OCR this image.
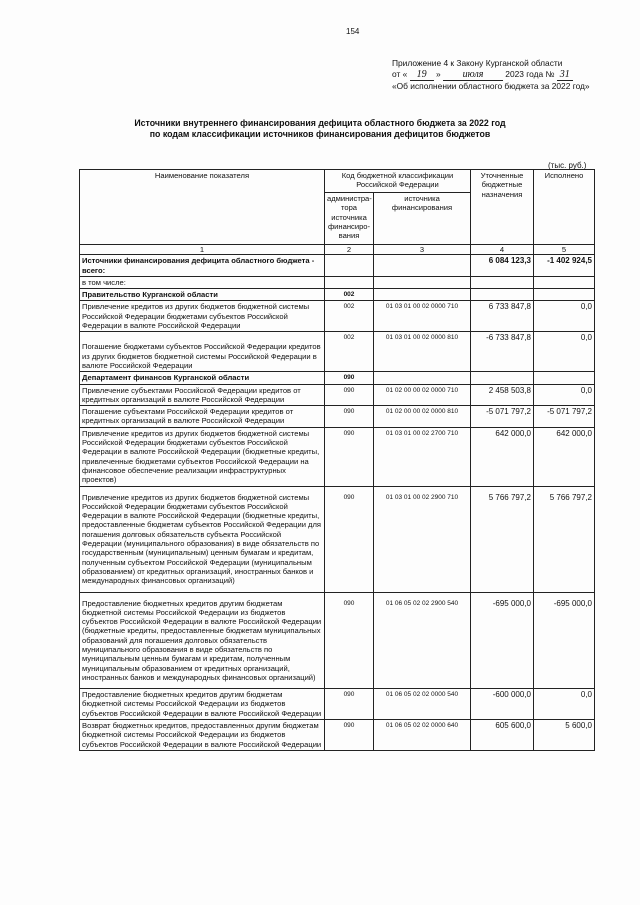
154
Приложение 4 к Закону Курганской области
от « 19 » июля	2023 года № 31
«Об исполнении областного бюджета за 2022 год»
Источники внутреннего финансирования дефицита областного бюджета за 2022 год
по кодам классификации источников финансирования дефицитов бюджетов
(тыс. руб.)
Наименование показателя	Код бюджетной классификации Российской Федерации		Уточненные бюджетные назначения	Исполнено
	администра-тора источника финансиро-вания	источника финансирования		
1	2	3	4	5
Источники финансирования дефицита областного бюджета - всего:			6 084 123,3	-1 402 924,5
в том числе:				
Правительство Курганской области	002			
Привлечение кредитов из других бюджетов бюджетной системы Российской Федерации бюджетами субъектов Российской Федерации в валюте Российской Федерации	002	01 03 01 00 02 0000 710	6 733 847,8	0,0
Погашение бюджетами субъектов Российской Федерации кредитов из других бюджетов бюджетной системы Российской Федерации в валюте Российской Федерации	002	01 03 01 00 02 0000 810	-6 733 847,8	0,0
Департамент финансов Курганской области	090			
Привлечение субъектами Российской Федерации кредитов от кредитных организаций в валюте Российской Федерации	090	01 02 00 00 02 0000 710	2 458 503,8	0,0
Погашение субъектами Российской Федерации кредитов от кредитных организаций в валюте Российской Федерации	090	01 02 00 00 02 0000 810	-5 071 797,2	-5 071 797,2
Привлечение кредитов из других бюджетов бюджетной системы Российской Федерации бюджетами субъектов Российской Федерации в валюте Российской Федерации (бюджетные кредиты, привлеченные бюджетами субъектов Российской Федерации на финансовое обеспечение реализации инфраструктурных проектов)	090	01 03 01 00 02 2700 710	642 000,0	642 000,0
Привлечение кредитов из других бюджетов бюджетной системы Российской Федерации бюджетами субъектов Российской Федерации в валюте Российской Федерации (бюджетные кредиты, предоставленные бюджетам субъектов Российской Федерации для погашения долговых обязательств субъекта Российской Федерации (муниципального образования) в виде обязательств по государственным (муниципальным) ценным бумагам и кредитам, полученным субъектом Российской Федерации (муниципальным образованием) от кредитных организаций, иностранных банков и международных финансовых организаций)	090	01 03 01 00 02 2900 710	5 766 797,2	5 766 797,2
Предоставление бюджетных кредитов другим бюджетам бюджетной системы Российской Федерации из бюджетов субъектов Российской Федерации в валюте Российской Федерации (бюджетные кредиты, предоставленные бюджетам муниципальных образований для погашения долговых обязательств муниципального образования в виде обязательств по муниципальным ценным бумагам и кредитам, полученным муниципальным образованием от кредитных организаций, иностранных банков и международных финансовых организаций)	090	01 06 05 02 02 2900 540	-695 000,0	-695 000,0
Предоставление бюджетных кредитов другим бюджетам бюджетной системы Российской Федерации из бюджетов субъектов Российской Федерации в валюте Российской Федерации	090	01 06 05 02 02 0000 540	-600 000,0	0,0
Возврат бюджетных кредитов, предоставленных другим бюджетам бюджетной системы Российской Федерации из бюджетов субъектов Российской Федерации в валюте Российской Федерации	090	01 06 05 02 02 0000 640	605 600,0	5 600,0
